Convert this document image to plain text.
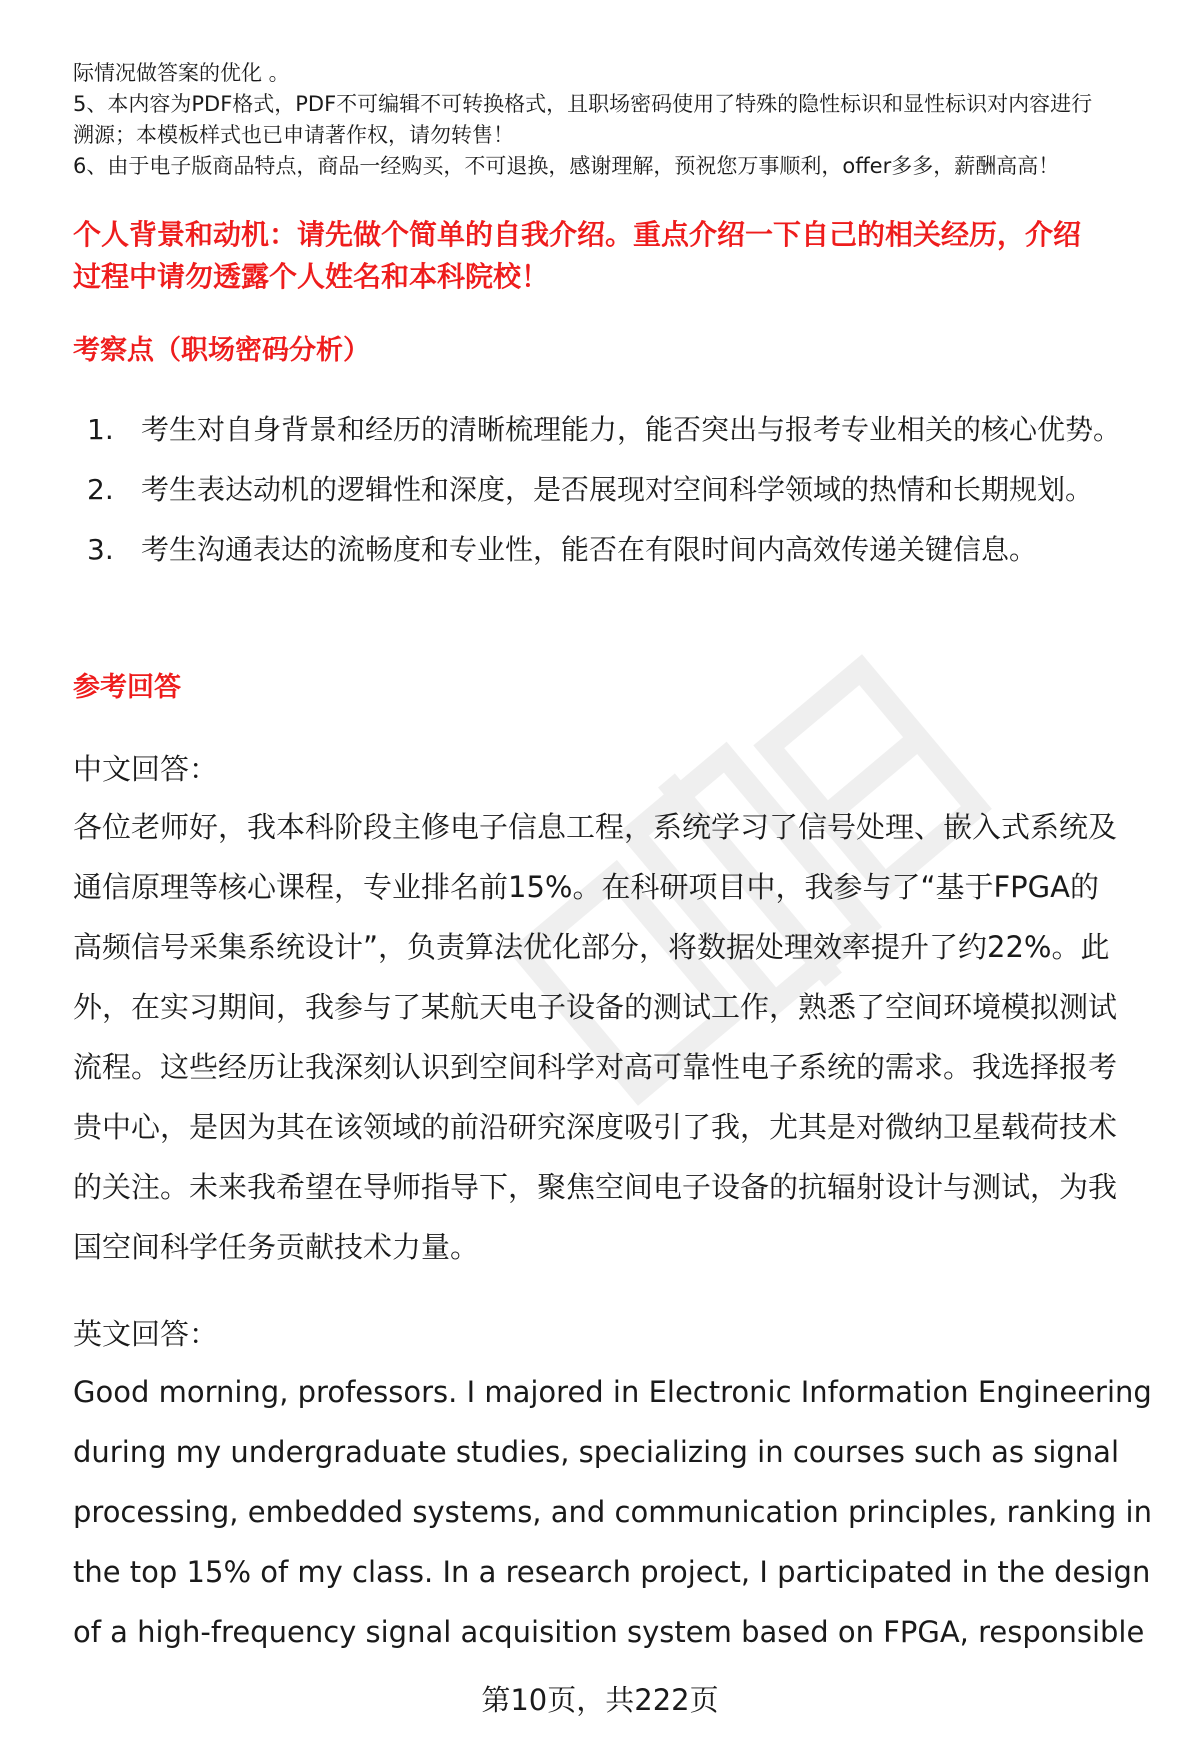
际情况做答案的优化 。

5、本内容为PDF格式，PDF不可编辑不可转换格式，且职场密码使用了特殊的隐性标识和显性标识对内容进行

溯源；本模板样式也已申请著作权，请勿转售！

6、由于电子版商品特点，商品一经购买，不可退换，感谢理解，预祝您万事顺利，offer多多，薪酬高高！

个人背景和动机：请先做个简单的自我介绍。重点介绍一下自己的相关经历，介绍

过程中请勿透露个人姓名和本科院校！

考察点（职场密码分析）
1. 考生对自身背景和经历的清晰梳理能力，能否突出与报考专业相关的核心优势。
2. 考生表达动机的逻辑性和深度，是否展现对空间科学领域的热情和长期规划。
3. 考生沟通表达的流畅度和专业性，能否在有限时间内高效传递关键信息。
参考回答
中文回答：

各位老师好，我本科阶段主修电子信息工程，系统学习了信号处理、嵌入式系统及

通信原理等核心课程，专业排名前15%。在科研项目中，我参与了“基于FPGA的

高频信号采集系统设计”，负责算法优化部分，将数据处理效率提升了约22%。此

外，在实习期间，我参与了某航天电子设备的测试工作，熟悉了空间环境模拟测试

流程。这些经历让我深刻认识到空间科学对高可靠性电子系统的需求。我选择报考

贵中心，是因为其在该领域的前沿研究深度吸引了我，尤其是对微纳卫星载荷技术

的关注。未来我希望在导师指导下，聚焦空间电子设备的抗辐射设计与测试，为我

国空间科学任务贡献技术力量。

英文回答：

Good morning, professors. I majored in Electronic Information Engineering

during my undergraduate studies, specializing in courses such as signal

processing, embedded systems, and communication principles, ranking in

the top 15% of my class. In a research project, I participated in the design

of a high-frequency signal acquisition system based on FPGA, responsible

第10页，共222页
